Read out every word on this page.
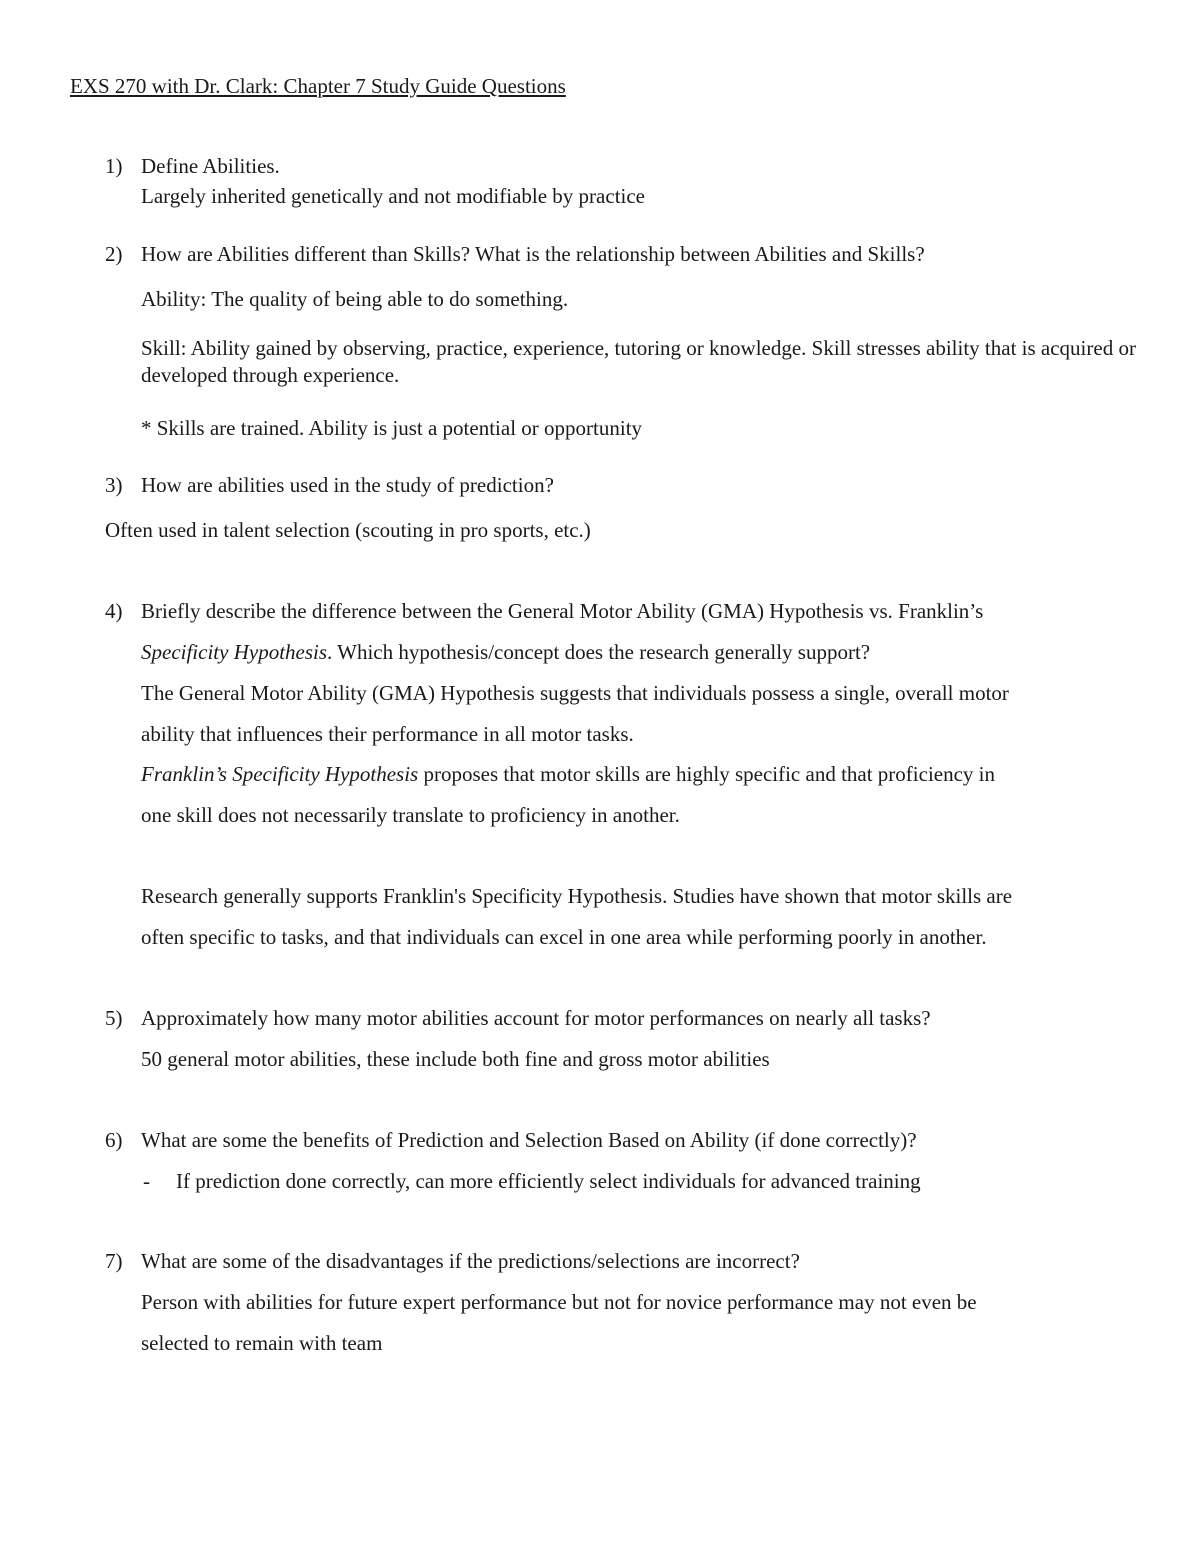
EXS 270 with Dr. Clark: Chapter 7 Study Guide Questions
1) Define Abilities.
Largely inherited genetically and not modifiable by practice
2) How are Abilities different than Skills? What is the relationship between Abilities and Skills?
Ability: The quality of being able to do something.
Skill: Ability gained by observing, practice, experience, tutoring or knowledge. Skill stresses ability that is acquired or developed through experience.
* Skills are trained. Ability is just a potential or opportunity
3) How are abilities used in the study of prediction?
Often used in talent selection (scouting in pro sports, etc.)
4) Briefly describe the difference between the General Motor Ability (GMA) Hypothesis vs. Franklin’s
Specificity Hypothesis. Which hypothesis/concept does the research generally support?
The General Motor Ability (GMA) Hypothesis suggests that individuals possess a single, overall motor
ability that influences their performance in all motor tasks.
Franklin’s Specificity Hypothesis proposes that motor skills are highly specific and that proficiency in
one skill does not necessarily translate to proficiency in another.
Research generally supports Franklin's Specificity Hypothesis. Studies have shown that motor skills are
often specific to tasks, and that individuals can excel in one area while performing poorly in another.
5) Approximately how many motor abilities account for motor performances on nearly all tasks?
50 general motor abilities, these include both fine and gross motor abilities
6) What are some the benefits of Prediction and Selection Based on Ability (if done correctly)?
- If prediction done correctly, can more efficiently select individuals for advanced training
7) What are some of the disadvantages if the predictions/selections are incorrect?
Person with abilities for future expert performance but not for novice performance may not even be
selected to remain with team
